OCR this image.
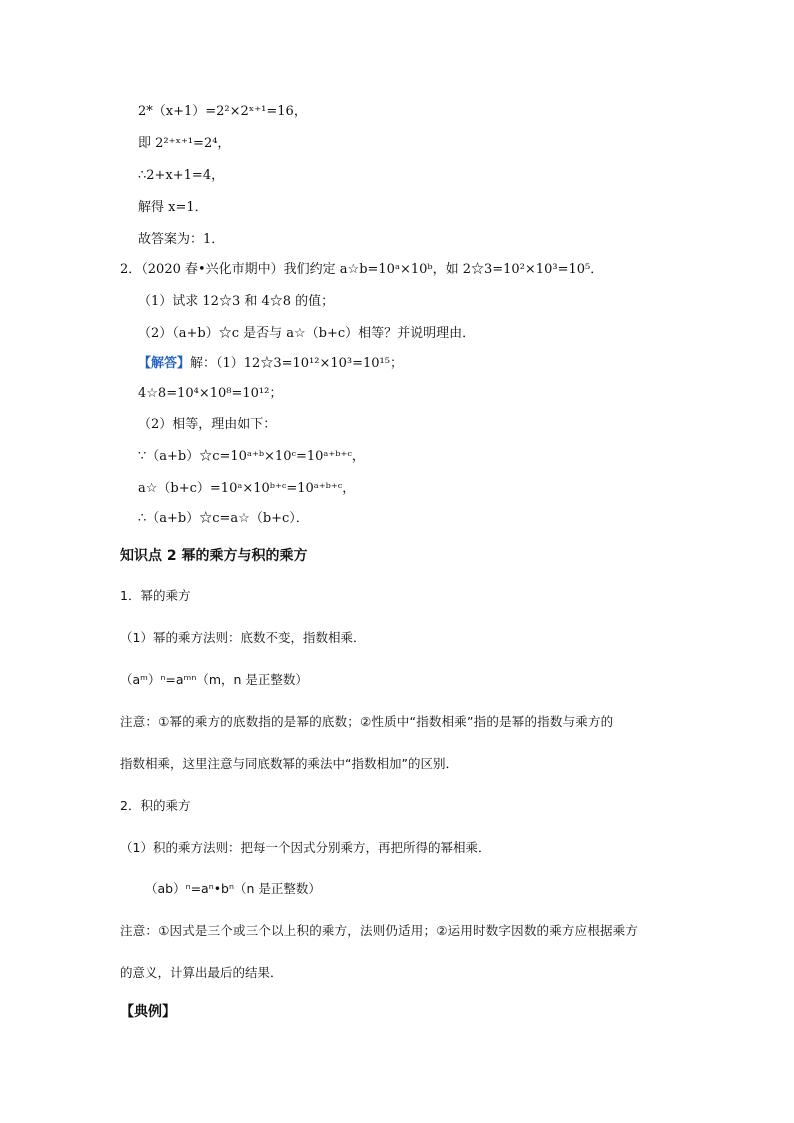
2*（x+1）=2²×2ˣ⁺¹=16，
即 2²⁺ˣ⁺¹=2⁴，
∴2+x+1=4，
解得 x=1．
故答案为：1．
2．（2020 春•兴化市期中）我们约定 a☆b=10ᵃ×10ᵇ，如 2☆3=10²×10³=10⁵．
（1）试求 12☆3 和 4☆8 的值；
（2）（a+b）☆c 是否与 a☆（b+c）相等？并说明理由．
【解答】解：（1）12☆3=10¹²×10³=10¹⁵；
4☆8=10⁴×10⁸=10¹²；
（2）相等，理由如下：
∵（a+b）☆c=10ᵃ⁺ᵇ×10ᶜ=10ᵃ⁺ᵇ⁺ᶜ，
a☆（b+c）=10ᵃ×10ᵇ⁺ᶜ=10ᵃ⁺ᵇ⁺ᶜ，
∴（a+b）☆c=a☆（b+c）．
知识点 2 幂的乘方与积的乘方
1．幂的乘方
（1）幂的乘方法则：底数不变，指数相乘．
（aᵐ）ⁿ=aᵐⁿ（m，n 是正整数）
注意：①幂的乘方的底数指的是幂的底数；②性质中“指数相乘”指的是幂的指数与乘方的
指数相乘，这里注意与同底数幂的乘法中“指数相加”的区别．
2．积的乘方
（1）积的乘方法则：把每一个因式分别乘方，再把所得的幂相乘．
（ab）ⁿ=aⁿ•bⁿ（n 是正整数）
注意：①因式是三个或三个以上积的乘方，法则仍适用；②运用时数字因数的乘方应根据乘方
的意义，计算出最后的结果．
【典例】
